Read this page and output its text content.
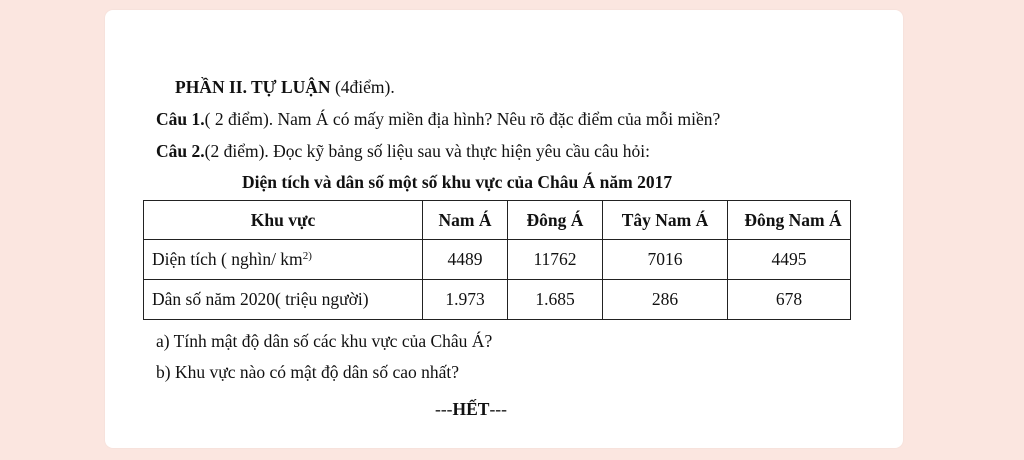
PHẦN II. TỰ LUẬN (4điểm).
Câu 1.( 2 điểm). Nam Á có mấy miền địa hình? Nêu rõ đặc điểm của mỗi miền?
Câu 2.(2 điểm). Đọc kỹ bảng số liệu sau và thực hiện yêu cầu câu hỏi:
Diện tích và dân số một số khu vực của Châu Á năm 2017
Khu vực	Nam Á	Đông Á	Tây Nam Á	Đông Nam Á
Diện tích ( nghìn/ $km^{2)}$	4489	11762	7016	4495
Dân số năm 2020( triệu người)	1.973	1.685	286	678
a) Tính mật độ dân số các khu vực của Châu Á?
b) Khu vực nào có mật độ dân số cao nhất?
---HẾT---
